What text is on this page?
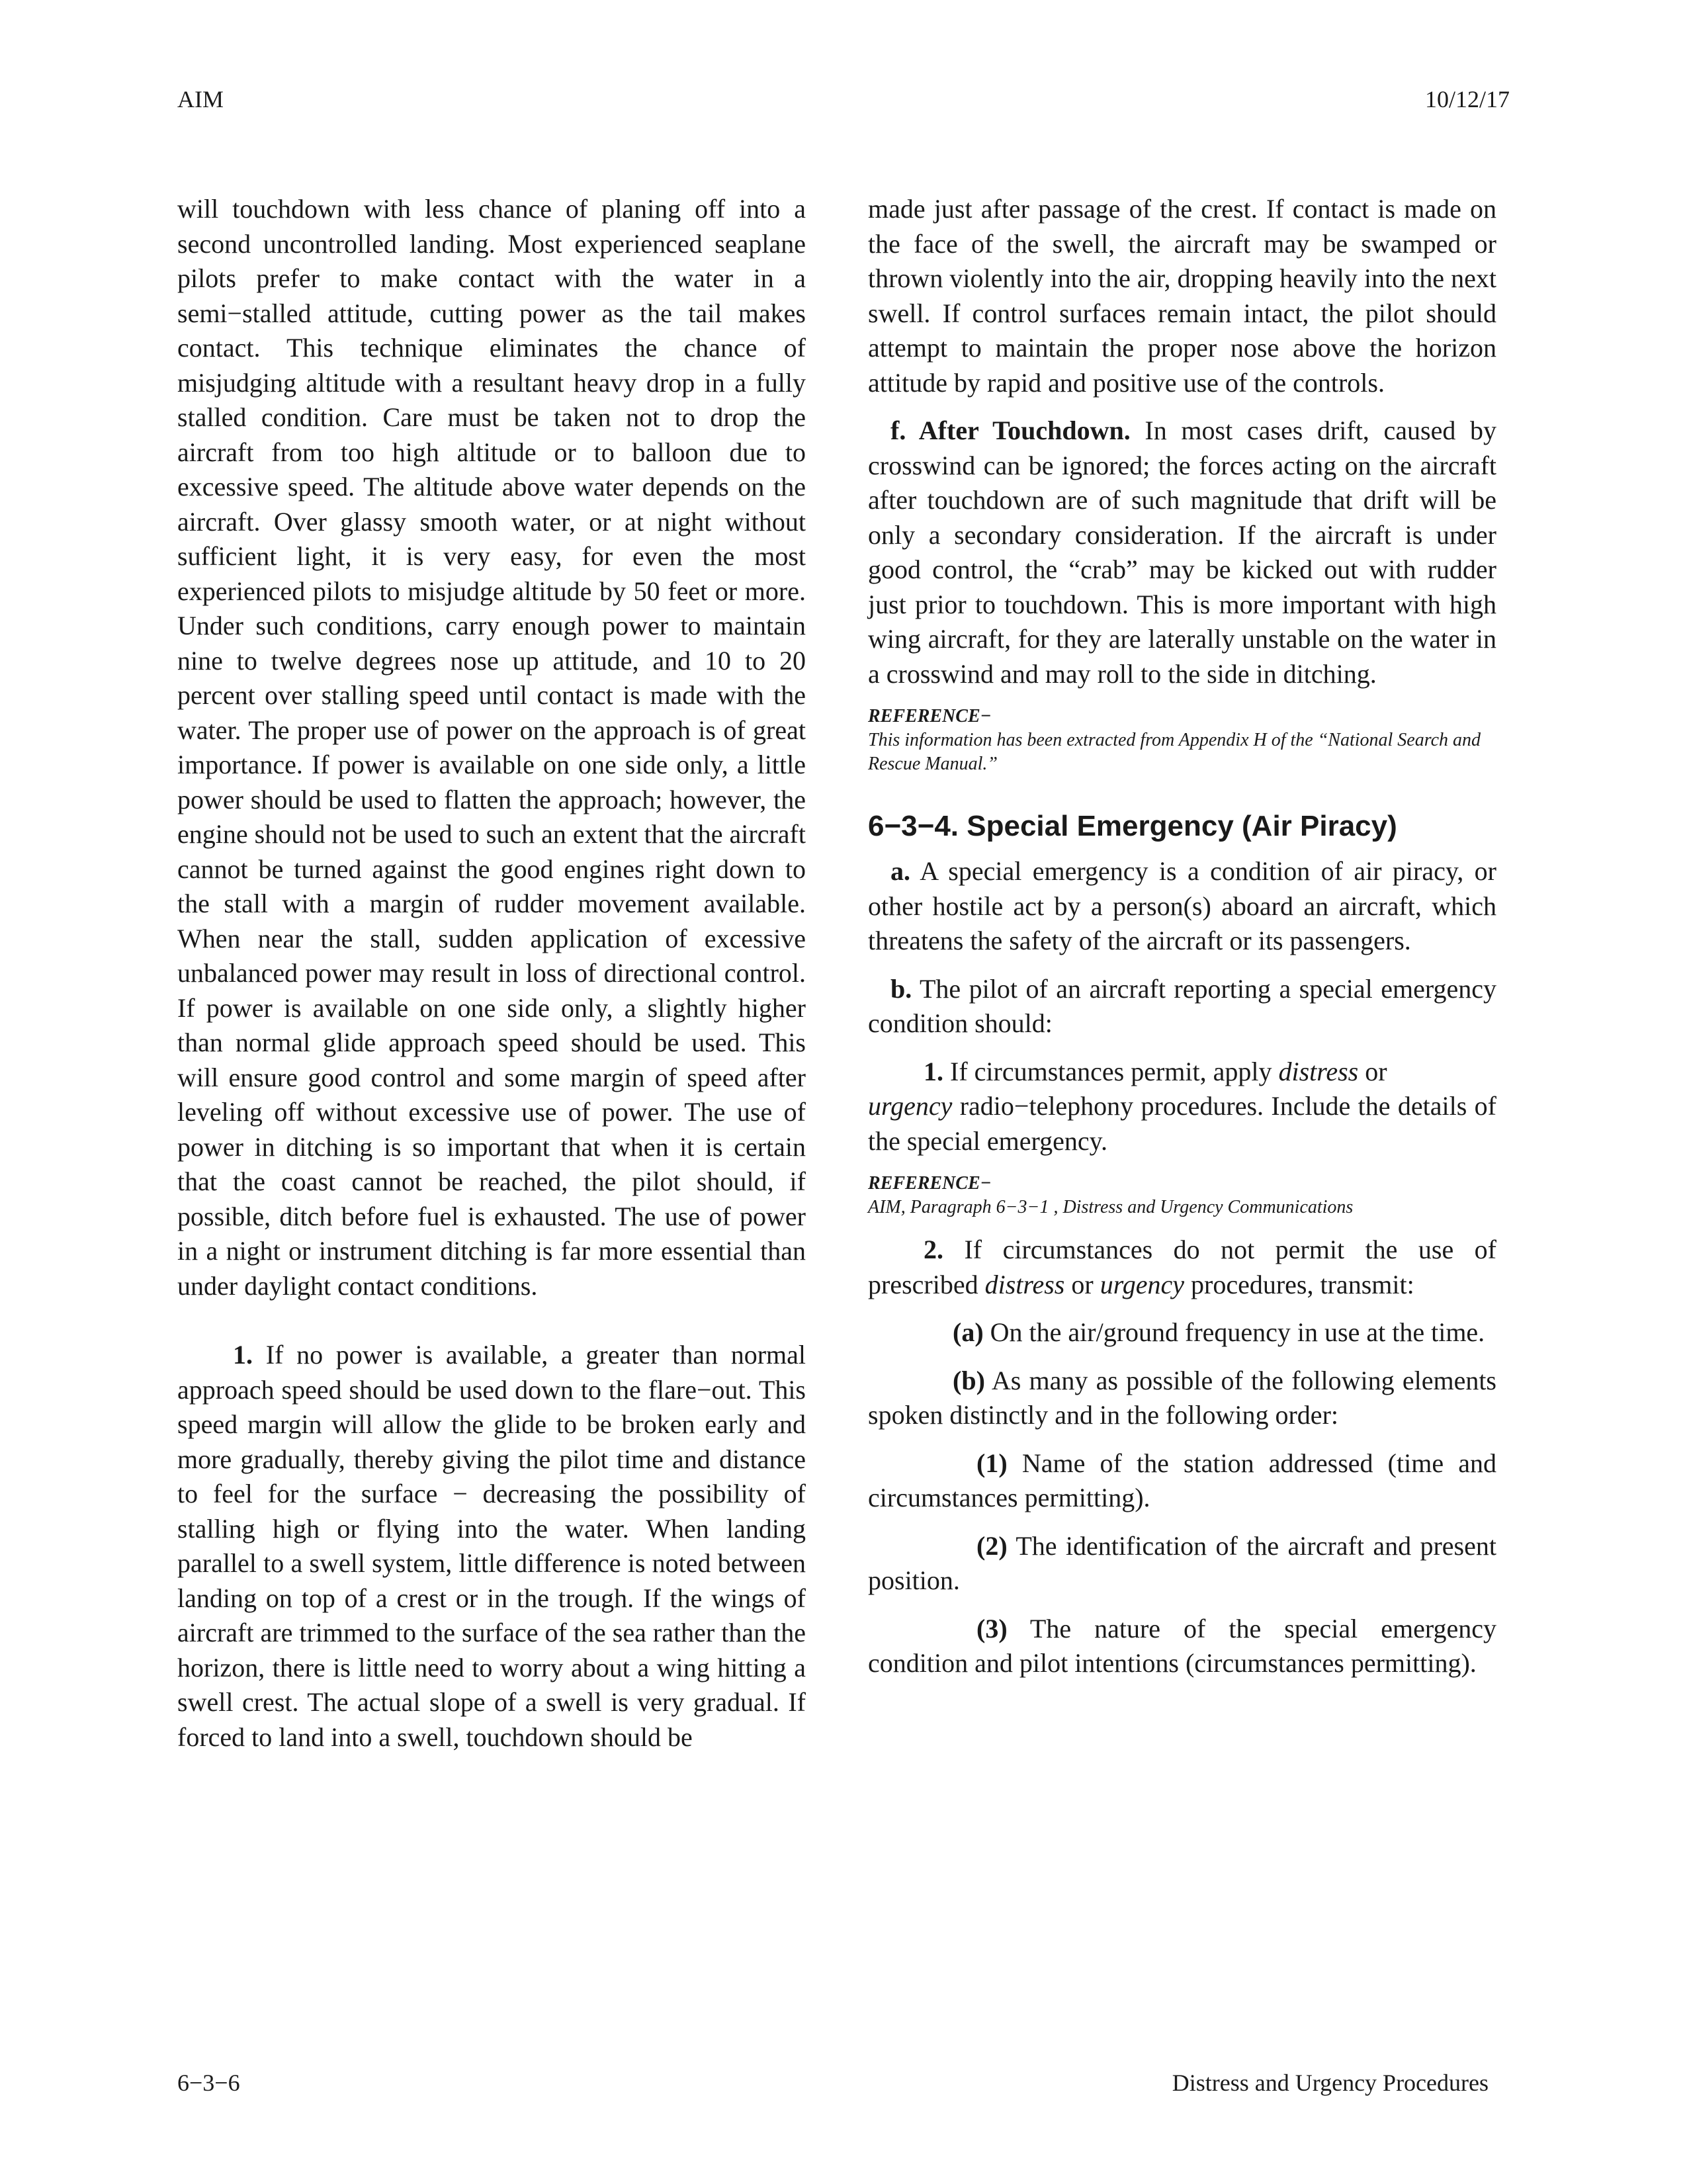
AIM	10/12/17

will touchdown with less chance of planing off into a second uncontrolled landing. Most experienced seaplane pilots prefer to make contact with the water in a semi−stalled attitude, cutting power as the tail makes contact. This technique eliminates the chance of misjudging altitude with a resultant heavy drop in a fully stalled condition. Care must be taken not to drop the aircraft from too high altitude or to balloon due to excessive speed. The altitude above water depends on the aircraft. Over glassy smooth water, or at night without sufficient light, it is very easy, for even the most experienced pilots to misjudge altitude by 50 feet or more. Under such conditions, carry enough power to maintain nine to twelve degrees nose up attitude, and 10 to 20 percent over stalling speed until contact is made with the water. The proper use of power on the approach is of great importance. If power is available on one side only, a little power should be used to flatten the approach; however, the engine should not be used to such an extent that the aircraft cannot be turned against the good engines right down to the stall with a margin of rudder movement available. When near the stall, sudden application of excessive unbalanced power may result in loss of directional control. If power is available on one side only, a slightly higher than normal glide approach speed should be used. This will ensure good control and some margin of speed after leveling off without excessive use of power. The use of power in ditching is so important that when it is certain that the coast cannot be reached, the pilot should, if possible, ditch before fuel is exhausted. The use of power in a night or instrument ditching is far more essential than under daylight contact conditions.

1. If no power is available, a greater than normal approach speed should be used down to the flare−out. This speed margin will allow the glide to be broken early and more gradually, thereby giving the pilot time and distance to feel for the surface − decreasing the possibility of stalling high or flying into the water. When landing parallel to a swell system, little difference is noted between landing on top of a crest or in the trough. If the wings of aircraft are trimmed to the surface of the sea rather than the horizon, there is little need to worry about a wing hitting a swell crest. The actual slope of a swell is very gradual. If forced to land into a swell, touchdown should be

made just after passage of the crest. If contact is made on the face of the swell, the aircraft may be swamped or thrown violently into the air, dropping heavily into the next swell. If control surfaces remain intact, the pilot should attempt to maintain the proper nose above the horizon attitude by rapid and positive use of the controls.

f. After Touchdown. In most cases drift, caused by crosswind can be ignored; the forces acting on the aircraft after touchdown are of such magnitude that drift will be only a secondary consideration. If the aircraft is under good control, the “crab” may be kicked out with rudder just prior to touchdown. This is more important with high wing aircraft, for they are laterally unstable on the water in a crosswind and may roll to the side in ditching.

REFERENCE−
This information has been extracted from Appendix H of the “National Search and Rescue Manual.”
6−3−4. Special Emergency (Air Piracy)

a. A special emergency is a condition of air piracy, or other hostile act by a person(s) aboard an aircraft, which threatens the safety of the aircraft or its passengers.

b. The pilot of an aircraft reporting a special emergency condition should:

1. If circumstances permit, apply distress or
urgency radio−telephony procedures. Include the details of the special emergency.

REFERENCE−
AIM, Paragraph 6−3−1 , Distress and Urgency Communications

2. If circumstances do not permit the use of prescribed distress or urgency procedures, transmit:

(a) On the air/ground frequency in use at the time.

(b) As many as possible of the following elements spoken distinctly and in the following order:

(1) Name of the station addressed (time and circumstances permitting).

(2) The identification of the aircraft and present position.

(3) The nature of the special emergency condition and pilot intentions (circumstances permitting).

6−3−6	Distress and Urgency Procedures
